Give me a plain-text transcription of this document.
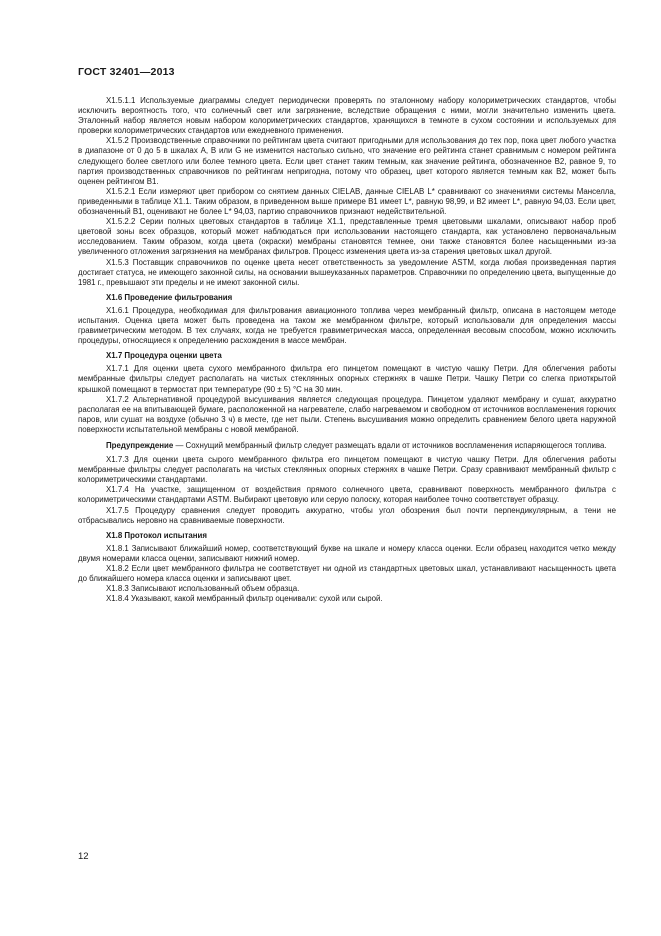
ГОСТ 32401—2013

X1.5.1.1 Используемые диаграммы следует периодически проверять по эталонному набору колориметрических стандартов, чтобы исключить вероятность того, что солнечный свет или загрязнение, вследствие обращения с ними, могли значительно изменить цвета. Эталонный набор является новым набором колориметрических стандартов, хранящихся в темноте в сухом состоянии и используемых для проверки колориметрических стандартов или ежедневного применения.

X1.5.2 Производственные справочники по рейтингам цвета считают пригодными для использования до тех пор, пока цвет любого участка в диапазоне от 0 до 5 в шкалах А, В или G не изменится настолько сильно, что значение его рейтинга станет сравнимым с номером рейтинга следующего более светлого или более темного цвета. Если цвет станет таким темным, как значение рейтинга, обозначенное В2, равное 9, то партия производственных справочников по рейтингам непригодна, потому что образец, цвет которого является темным как В2, может быть оценен рейтингом В1.

X1.5.2.1 Если измеряют цвет прибором со снятием данных CIELAB, данные CIELAB L* сравнивают со значениями системы Манселла, приведенными в таблице X1.1. Таким образом, в приведенном выше примере В1 имеет L*, равную 98,99, и В2 имеет L*, равную 94,03. Если цвет, обозначенный В1, оценивают не более L* 94,03, партию справочников признают недействительной.

X1.5.2.2 Серии полных цветовых стандартов в таблице X1.1, представленные тремя цветовыми шкалами, описывают набор проб цветовой зоны всех образцов, который может наблюдаться при использовании настоящего стандарта, как установлено первоначальным исследованием. Таким образом, когда цвета (окраски) мембраны становятся темнее, они также становятся более насыщенными из-за увеличенного отложения загрязнения на мембранах фильтров. Процесс изменения цвета из-за старения цветовых шкал другой.

X1.5.3 Поставщик справочников по оценке цвета несет ответственность за уведомление ASTM, когда любая произведенная партия достигает статуса, не имеющего законной силы, на основании вышеуказанных параметров. Справочники по определению цвета, выпущенные до 1981 г., превышают эти пределы и не имеют законной силы.

X1.6 Проведение фильтрования

X1.6.1 Процедура, необходимая для фильтрования авиационного топлива через мембранный фильтр, описана в настоящем методе испытания. Оценка цвета может быть проведена на таком же мембранном фильтре, который использовали для определения массы гравиметрическим методом. В тех случаях, когда не требуется гравиметрическая масса, определенная весовым способом, можно исключить процедуры, относящиеся к определению расхождения в массе мембран.

X1.7 Процедура оценки цвета

X1.7.1 Для оценки цвета сухого мембранного фильтра его пинцетом помещают в чистую чашку Петри. Для облегчения работы мембранные фильтры следует располагать на чистых стеклянных опорных стержнях в чашке Петри. Чашку Петри со слегка приоткрытой крышкой помещают в термостат при температуре (90 ± 5) °С на 30 мин.

X1.7.2 Альтернативной процедурой высушивания является следующая процедура. Пинцетом удаляют мембрану и сушат, аккуратно располагая ее на впитывающей бумаге, расположенной на нагревателе, слабо нагреваемом и свободном от источников воспламенения горючих паров, или сушат на воздухе (обычно 3 ч) в месте, где нет пыли. Степень высушивания можно определить сравнением белого цвета наружной поверхности испытательной мембраны с новой мембраной.

Предупреждение — Сохнущий мембранный фильтр следует размещать вдали от источников воспламенения испаряющегося топлива.

X1.7.3 Для оценки цвета сырого мембранного фильтра его пинцетом помещают в чистую чашку Петри. Для облегчения работы мембранные фильтры следует располагать на чистых стеклянных опорных стержнях в чашке Петри. Сразу сравнивают мембранный фильтр с колориметрическими стандартами.

X1.7.4 На участке, защищенном от воздействия прямого солнечного цвета, сравнивают поверхность мембранного фильтра с колориметрическими стандартами ASTM. Выбирают цветовую или серую полоску, которая наиболее точно соответствует образцу.

X1.7.5 Процедуру сравнения следует проводить аккуратно, чтобы угол обозрения был почти перпендикулярным, а тени не отбрасывались неровно на сравниваемые поверхности.

X1.8 Протокол испытания

X1.8.1 Записывают ближайший номер, соответствующий букве на шкале и номеру класса оценки. Если образец находится четко между двумя номерами класса оценки, записывают нижний номер.

X1.8.2 Если цвет мембранного фильтра не соответствует ни одной из стандартных цветовых шкал, устанавливают насыщенность цвета до ближайшего номера класса оценки и записывают цвет.

X1.8.3 Записывают использованный объем образца.

X1.8.4 Указывают, какой мембранный фильтр оценивали: сухой или сырой.

12
